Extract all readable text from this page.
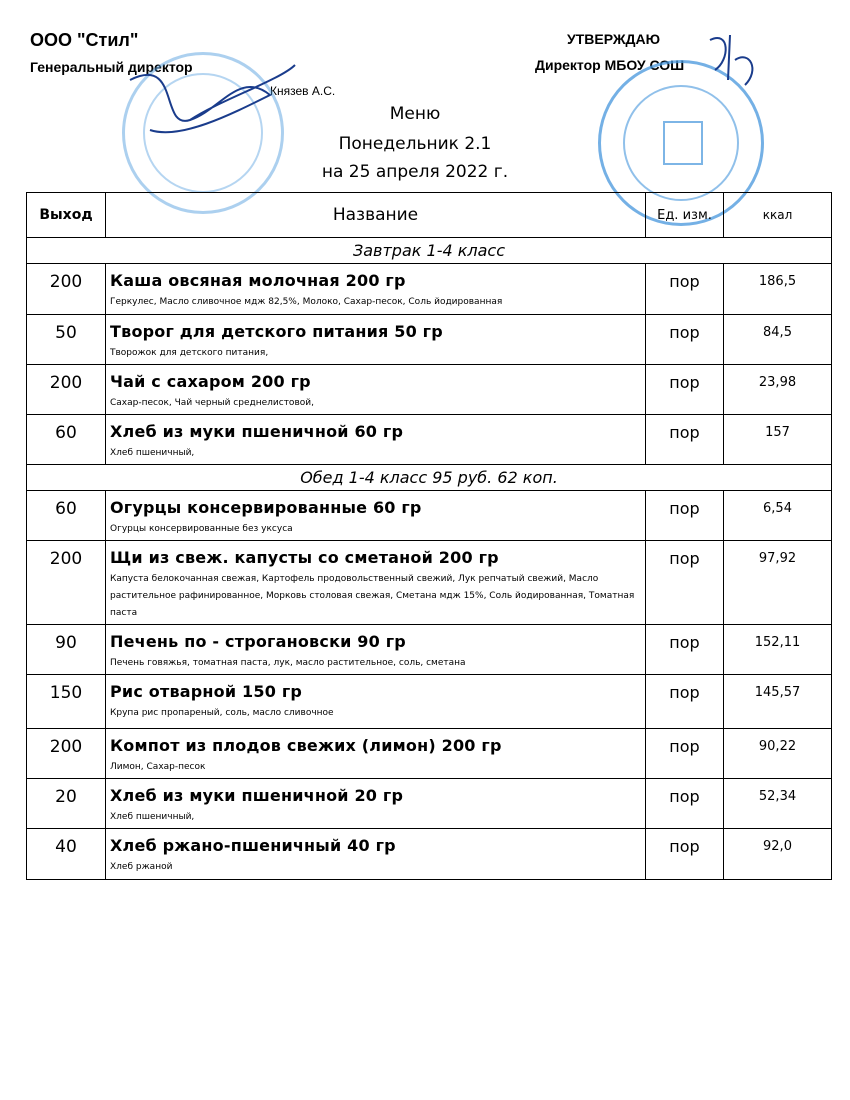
ООО "Стил"
Генеральный директор
Князев А.С.
УТВЕРЖДАЮ
Директор МБОУ СОШ
Меню
Понедельник 2.1
на 25 апреля 2022 г.
Выход	Название	Ед. изм.	ккал
Завтрак 1-4 класс			
200	Каша овсяная молочная 200 гр
Геркулес, Масло сливочное мдж 82,5%, Молоко, Сахар-песок, Соль йодированная	пор	186,5
50	Творог для детского питания 50 гр
Творожок для детского питания,	пор	84,5
200	Чай с сахаром 200 гр
Сахар-песок, Чай черный среднелистовой,	пор	23,98
60	Хлеб из муки пшеничной 60 гр
Хлеб пшеничный,	пор	157
Обед 1-4 класс 95 руб. 62 коп.			
60	Огурцы консервированные 60 гр
Огурцы консервированные без уксуса	пор	6,54
200	Щи из свеж. капусты со сметаной 200 гр
Капуста белокочанная свежая, Картофель продовольственный свежий, Лук репчатый свежий, Масло растительное рафинированное, Морковь столовая свежая, Сметана мдж 15%, Соль йодированная, Томатная паста	пор	97,92
90	Печень по - строгановски 90 гр
Печень говяжья, томатная паста, лук, масло растительное, соль, сметана	пор	152,11
150	Рис отварной 150 гр
Крупа рис пропареный, соль, масло сливочное	пор	145,57
200	Компот из плодов свежих (лимон) 200 гр
Лимон, Сахар-песок	пор	90,22
20	Хлеб из муки пшеничной 20 гр
Хлеб пшеничный,	пор	52,34
40	Хлеб ржано-пшеничный 40 гр
Хлеб ржаной	пор	92,0
